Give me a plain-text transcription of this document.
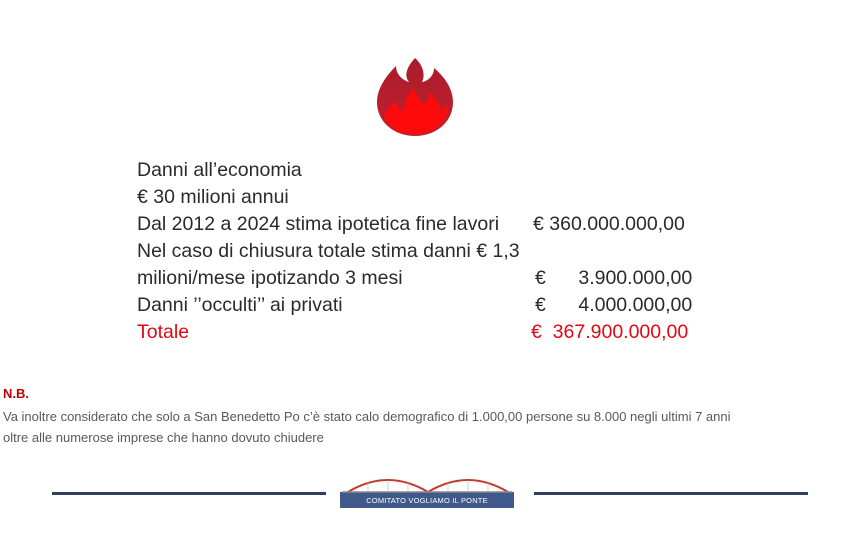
Danni all’economia
€ 30 milioni annui
Dal 2012 a 2024 stima ipotetica fine lavori
Nel caso di chiusura totale stima danni € 1,3
milioni/mese ipotizando 3 mesi
Danni ’’occulti’’ ai privati
Totale
€ 360.000.000,00
€      3.900.000,00
€      4.000.000,00
€  367.900.000,00
N.B.
Va inoltre considerato che solo a San Benedetto Po c’è stato calo demografico di 1.000,00 persone su 8.000 negli ultimi 7 anni
oltre alle numerose imprese che hanno dovuto chiudere
COMITATO VOGLIAMO IL PONTE
